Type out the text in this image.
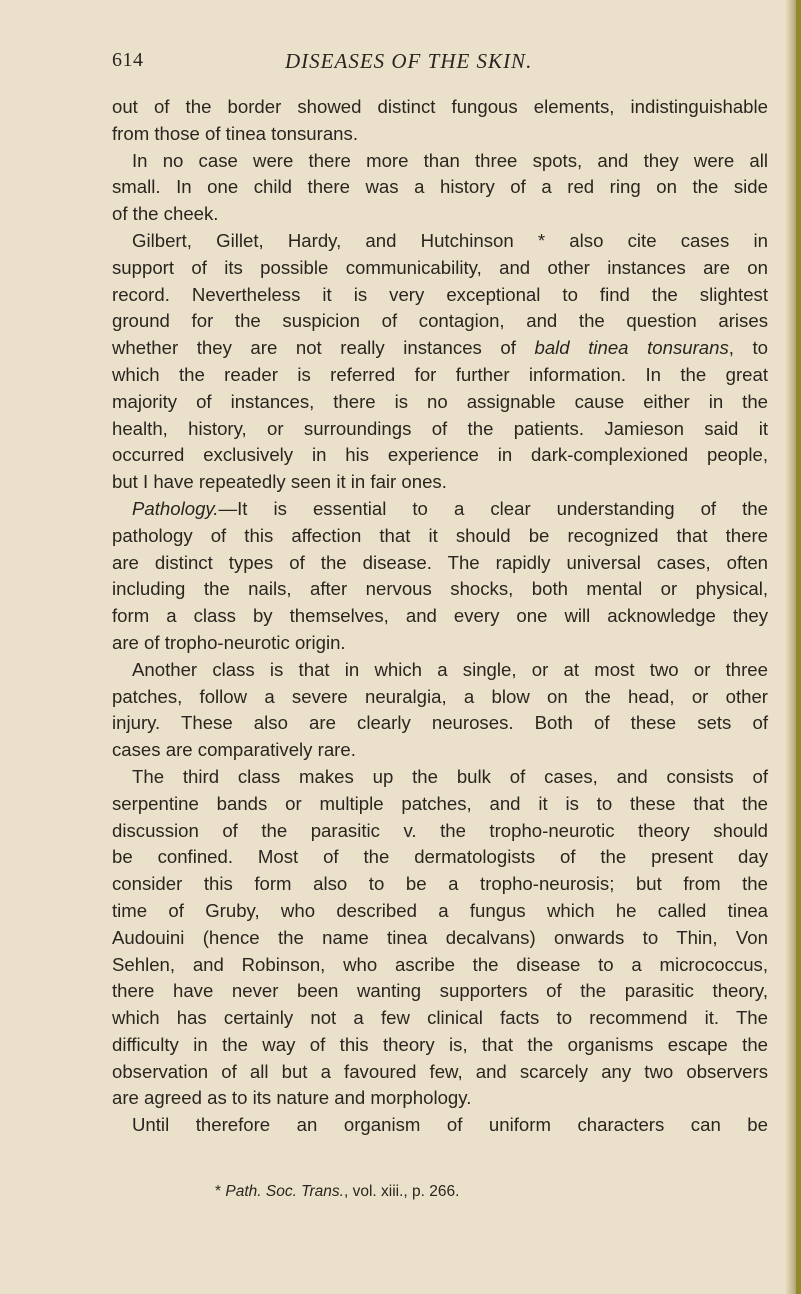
614	DISEASES OF THE SKIN.

out of the border showed distinct fungous elements, indistinguishable

from those of tinea tonsurans.

In no case were there more than three spots, and they were all

small. In one child there was a history of a red ring on the side

of the cheek.

Gilbert, Gillet, Hardy, and Hutchinson * also cite cases in

support of its possible communicability, and other instances are on

record. Nevertheless it is very exceptional to find the slightest

ground for the suspicion of contagion, and the question arises

whether they are not really instances of bald tinea tonsurans, to

which the reader is referred for further information. In the great

majority of instances, there is no assignable cause either in the

health, history, or surroundings of the patients. Jamieson said it

occurred exclusively in his experience in dark-complexioned people,

but I have repeatedly seen it in fair ones.

Pathology.—It is essential to a clear understanding of the

pathology of this affection that it should be recognized that there

are distinct types of the disease. The rapidly universal cases, often

including the nails, after nervous shocks, both mental or physical,

form a class by themselves, and every one will acknowledge they

are of tropho-neurotic origin.

Another class is that in which a single, or at most two or three

patches, follow a severe neuralgia, a blow on the head, or other

injury. These also are clearly neuroses. Both of these sets of

cases are comparatively rare.

The third class makes up the bulk of cases, and consists of

serpentine bands or multiple patches, and it is to these that the

discussion of the parasitic v. the tropho-neurotic theory should

be confined. Most of the dermatologists of the present day

consider this form also to be a tropho-neurosis; but from the

time of Gruby, who described a fungus which he called tinea

Audouini (hence the name tinea decalvans) onwards to Thin, Von

Sehlen, and Robinson, who ascribe the disease to a micrococcus,

there have never been wanting supporters of the parasitic theory,

which has certainly not a few clinical facts to recommend it. The

difficulty in the way of this theory is, that the organisms escape the

observation of all but a favoured few, and scarcely any two observers

are agreed as to its nature and morphology.

Until therefore an organism of uniform characters can be

* Path. Soc. Trans., vol. xiii., p. 266.
